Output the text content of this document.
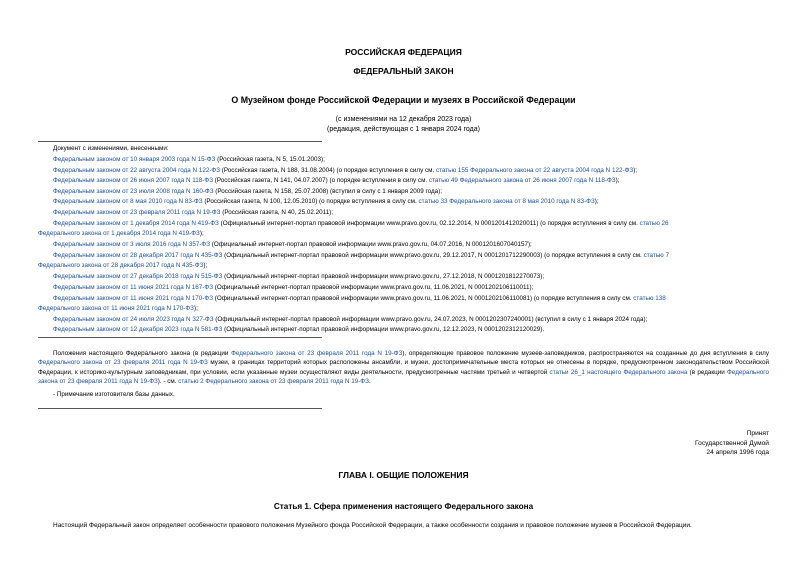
РОССИЙСКАЯ ФЕДЕРАЦИЯ
ФЕДЕРАЛЬНЫЙ ЗАКОН
О Музейном фонде Российской Федерации и музеях в Российской Федерации
(с изменениями на 12 декабря 2023 года)
(редакция, действующая с 1 января 2024 года)
Документ с изменениями, внесенными:
Федеральным законом от 10 января 2003 года N 15-ФЗ (Российская газета, N 5, 15.01.2003);
Федеральным законом от 22 августа 2004 года N 122-ФЗ (Российская газета, N 188, 31.08.2004) (о порядке вступления в силу см. статью 155 Федерального закона от 22 августа 2004 года N 122-ФЗ);
Федеральным законом от 26 июня 2007 года N 118-ФЗ (Российская газета, N 141, 04.07.2007) (о порядке вступления в силу см. статью 49 Федерального закона от 26 июня 2007 года N 118-ФЗ);
Федеральным законом от 23 июля 2008 года N 160-ФЗ (Российская газета, N 158, 25.07.2008) (вступил в силу с 1 января 2009 года);
Федеральным законом от 8 мая 2010 года N 83-ФЗ (Российская газета, N 100, 12.05.2010) (о порядке вступления в силу см. статью 33 Федерального закона от 8 мая 2010 года N 83-ФЗ);
Федеральным законом от 23 февраля 2011 года N 19-ФЗ (Российская газета, N 40, 25.02.2011);
Федеральным законом от 1 декабря 2014 года N 419-ФЗ (Официальный интернет-портал правовой информации www.pravo.gov.ru, 02.12.2014, N 0001201412020011) (о порядке вступления в силу см. статью 26
Федерального закона от 1 декабря 2014 года N 419-ФЗ);
Федеральным законом от 3 июля 2016 года N 357-ФЗ (Официальный интернет-портал правовой информации www.pravo.gov.ru, 04.07.2016, N 0001201607040157);
Федеральным законом от 28 декабря 2017 года N 435-ФЗ (Официальный интернет-портал правовой информации www.pravo.gov.ru, 29.12.2017, N 0001201712290003) (о порядке вступления в силу см. статью 7
Федерального закона от 28 декабря 2017 года N 435-ФЗ);
Федеральным законом от 27 декабря 2018 года N 515-ФЗ (Официальный интернет-портал правовой информации www.pravo.gov.ru, 27.12.2018, N 0001201812270073);
Федеральным законом от 11 июня 2021 года N 167-ФЗ (Официальный интернет-портал правовой информации www.pravo.gov.ru, 11.06.2021, N 0001202106110011);
Федеральным законом от 11 июня 2021 года N 170-ФЗ (Официальный интернет-портал правовой информации www.pravo.gov.ru, 11.06.2021, N 0001202106110081) (о порядке вступления в силу см. статью 138
Федерального закона от 11 июня 2021 года N 170-ФЗ);
Федеральным законом от 24 июля 2023 года N 327-ФЗ (Официальный интернет-портал правовой информации www.pravo.gov.ru, 24.07.2023, N 0001202307240001) (вступил в силу с 1 января 2024 года);
Федеральным законом от 12 декабря 2023 года N 581-ФЗ (Официальный интернет-портал правовой информации www.pravo.gov.ru, 12.12.2023, N 0001202312120029).
Положения настоящего Федерального закона (в редакции Федерального закона от 23 февраля 2011 года N 19-ФЗ), определяющие правовое положение музеев-заповедников, распространяются на созданные до дня вступления в силу Федерального закона от 23 февраля 2011 года N 19-ФЗ музеи, в границах территорий которых расположены ансамбли, и музеи, достопримечательные места которых не отнесены в порядке, предусмотренном законодательством Российской Федерации, к историко-культурным заповедникам, при условии, если указанные музеи осуществляют виды деятельности, предусмотренные частями третьей и четвертой статьи 26_1 настоящего Федерального закона (в редакции Федерального закона от 23 февраля 2011 года N 19-ФЗ). - см. статью 2 Федерального закона от 23 февраля 2011 года N 19-ФЗ.
- Примечание изготовителя базы данных.
Принят
Государственной Думой
24 апреля 1996 года
ГЛАВА I. ОБЩИЕ ПОЛОЖЕНИЯ
Статья 1. Сфера применения настоящего Федерального закона
Настоящий Федеральный закон определяет особенности правового положения Музейного фонда Российской Федерации, а также особенности создания и правовое положение музеев в Российской Федерации.
